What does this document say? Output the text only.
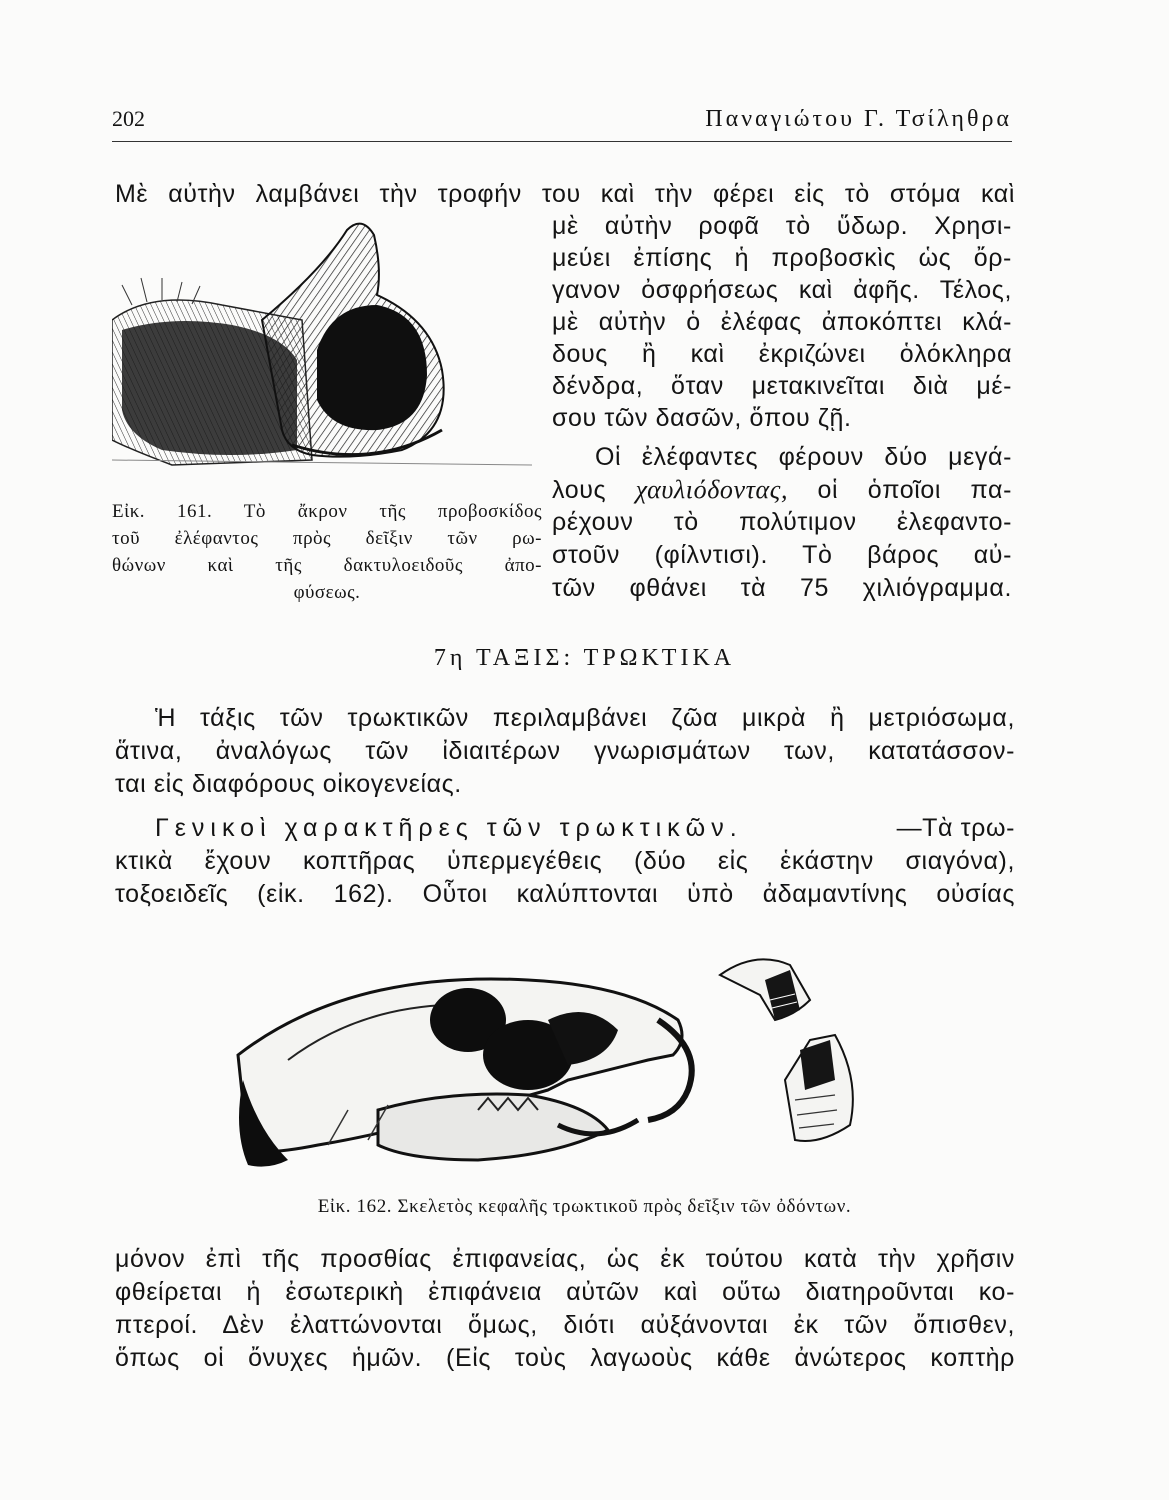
202	Παναγιώτου Γ. Τσίληθρα
Μὲ αὐτὴν λαμβάνει τὴν τροφήν του καὶ τὴν φέρει εἰς τὸ στόμα καὶ
μὲ αὐτὴν ροφᾶ τὸ ὕδωρ. Χρησι-
μεύει ἐπίσης ἡ προβοσκὶς ὡς ὄρ-
γανον ὀσφρήσεως καὶ ἀφῆς. Τέλος,
μὲ αὐτὴν ὁ ἐλέφας ἀποκόπτει κλά-
δους ἢ καὶ ἐκριζώνει ὁλόκληρα
δένδρα, ὅταν μετακινεῖται διὰ μέ-
σου τῶν δασῶν, ὅπου ζῇ.
Οἱ ἐλέφαντες φέρουν δύο μεγά-
λους χαυλιόδοντας, οἱ ὁποῖοι πα-
ρέχουν τὸ πολύτιμον ἐλεφαντο-
στοῦν (φίλντισι). Τὸ βάρος αὐ-
τῶν φθάνει τὰ 75 χιλιόγραμμα.
Εἰκ. 161. Τὸ ἄκρον τῆς προβοσκίδος
τοῦ ἐλέφαντος πρὸς δεῖξιν τῶν ρω-
θώνων καὶ τῆς δακτυλοειδοῦς ἀπο-
φύσεως.
7η ΤΑΞΙΣ: ΤΡΩΚΤΙΚΑ
Ἡ τάξις τῶν τρωκτικῶν περιλαμβάνει ζῶα μικρὰ ἢ μετριόσωμα,
ἅτινα, ἀναλόγως τῶν ἰδιαιτέρων γνωρισμάτων των, κατατάσσον-
ται εἰς διαφόρους οἰκογενείας.
Γενικοὶ χαρακτῆρες τῶν τρωκτικῶν.	—Τὰ τρω-
κτικὰ ἔχουν κοπτῆρας ὑπερμεγέθεις (δύο εἰς ἑκάστην σιαγόνα),
τοξοειδεῖς (εἰκ. 162). Οὗτοι καλύπτονται ὑπὸ ἀδαμαντίνης οὐσίας
Εἰκ. 162. Σκελετὸς κεφαλῆς τρωκτικοῦ πρὸς δεῖξιν τῶν ὀδόντων.
μόνον ἐπὶ τῆς προσθίας ἐπιφανείας, ὡς ἐκ τούτου κατὰ τὴν χρῆσιν
φθείρεται ἡ ἐσωτερικὴ ἐπιφάνεια αὐτῶν καὶ οὕτω διατηροῦνται κο-
πτεροί. Δὲν ἐλαττώνονται ὅμως, διότι αὐξάνονται ἐκ τῶν ὄπισθεν,
ὅπως οἱ ὄνυχες ἡμῶν. (Εἰς τοὺς λαγωοὺς κάθε ἀνώτερος κοπτὴρ
